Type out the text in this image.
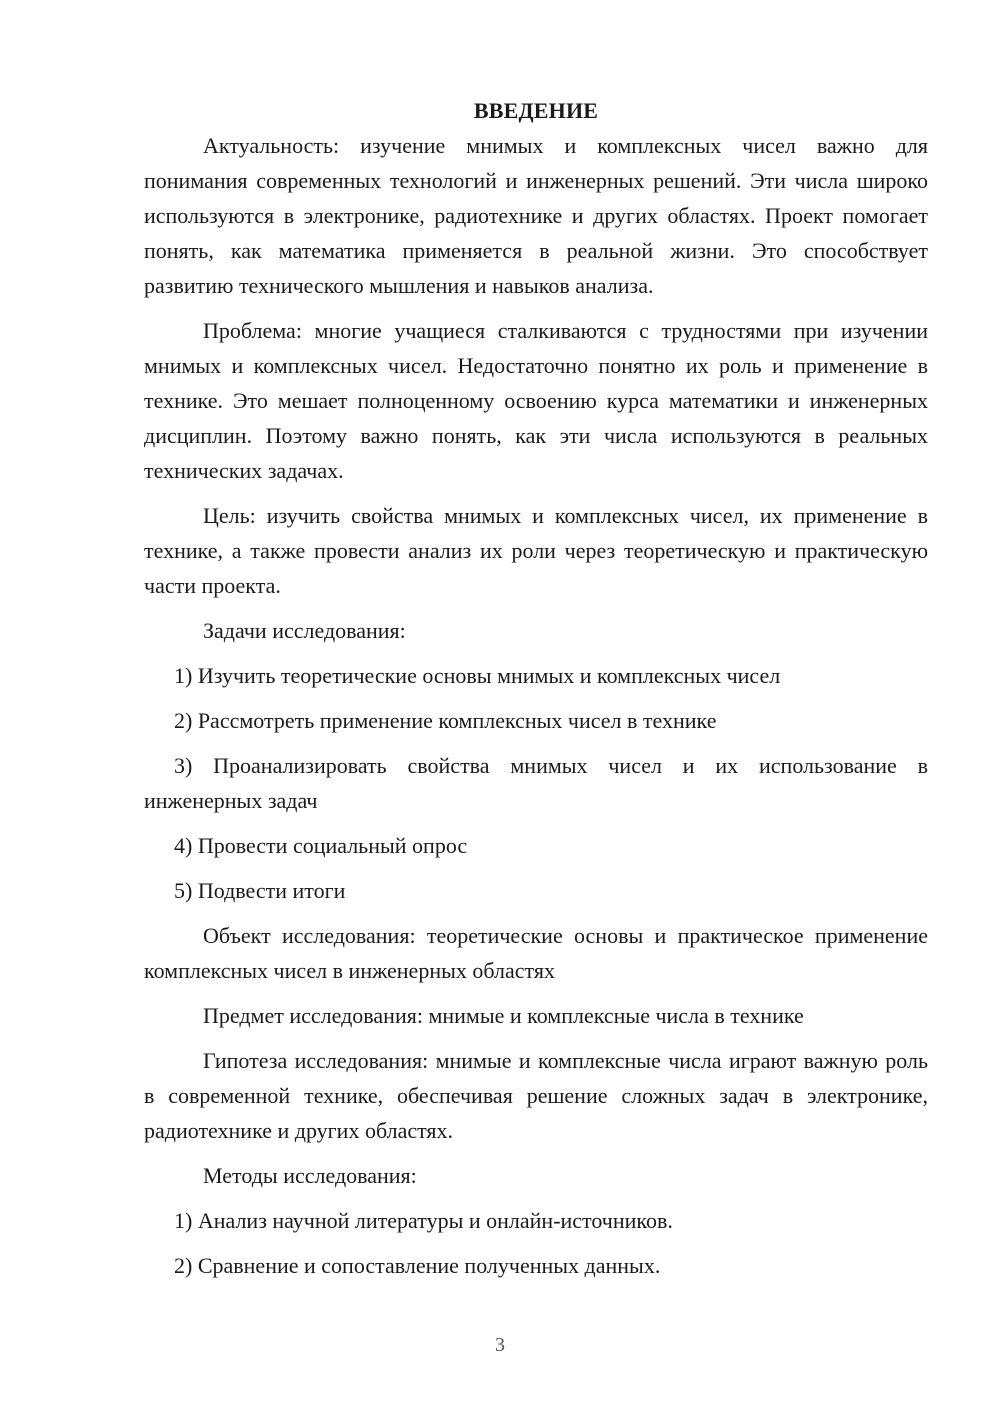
ВВЕДЕНИЕ

Актуальность: изучение мнимых и комплексных чисел важно для понимания современных технологий и инженерных решений. Эти числа широко используются в электронике, радиотехнике и других областях. Проект помогает понять, как математика применяется в реальной жизни. Это способствует развитию технического мышления и навыков анализа.

Проблема: многие учащиеся сталкиваются с трудностями при изучении мнимых и комплексных чисел. Недостаточно понятно их роль и применение в технике. Это мешает полноценному освоению курса математики и инженерных дисциплин. Поэтому важно понять, как эти числа используются в реальных технических задачах.

Цель: изучить свойства мнимых и комплексных чисел, их применение в технике, а также провести анализ их роли через теоретическую и практическую части проекта.

Задачи исследования:

1) Изучить теоретические основы мнимых и комплексных чисел

2) Рассмотреть применение комплексных чисел в технике

3) Проанализировать свойства мнимых чисел и их использование в инженерных задач

4) Провести социальный опрос

5) Подвести итоги

Объект исследования: теоретические основы и практическое применение комплексных чисел в инженерных областях

Предмет исследования: мнимые и комплексные числа в технике

Гипотеза исследования: мнимые и комплексные числа играют важную роль в современной технике, обеспечивая решение сложных задач в электронике, радиотехнике и других областях.

Методы исследования:

1) Анализ научной литературы и онлайн-источников.

2) Сравнение и сопоставление полученных данных.

3
